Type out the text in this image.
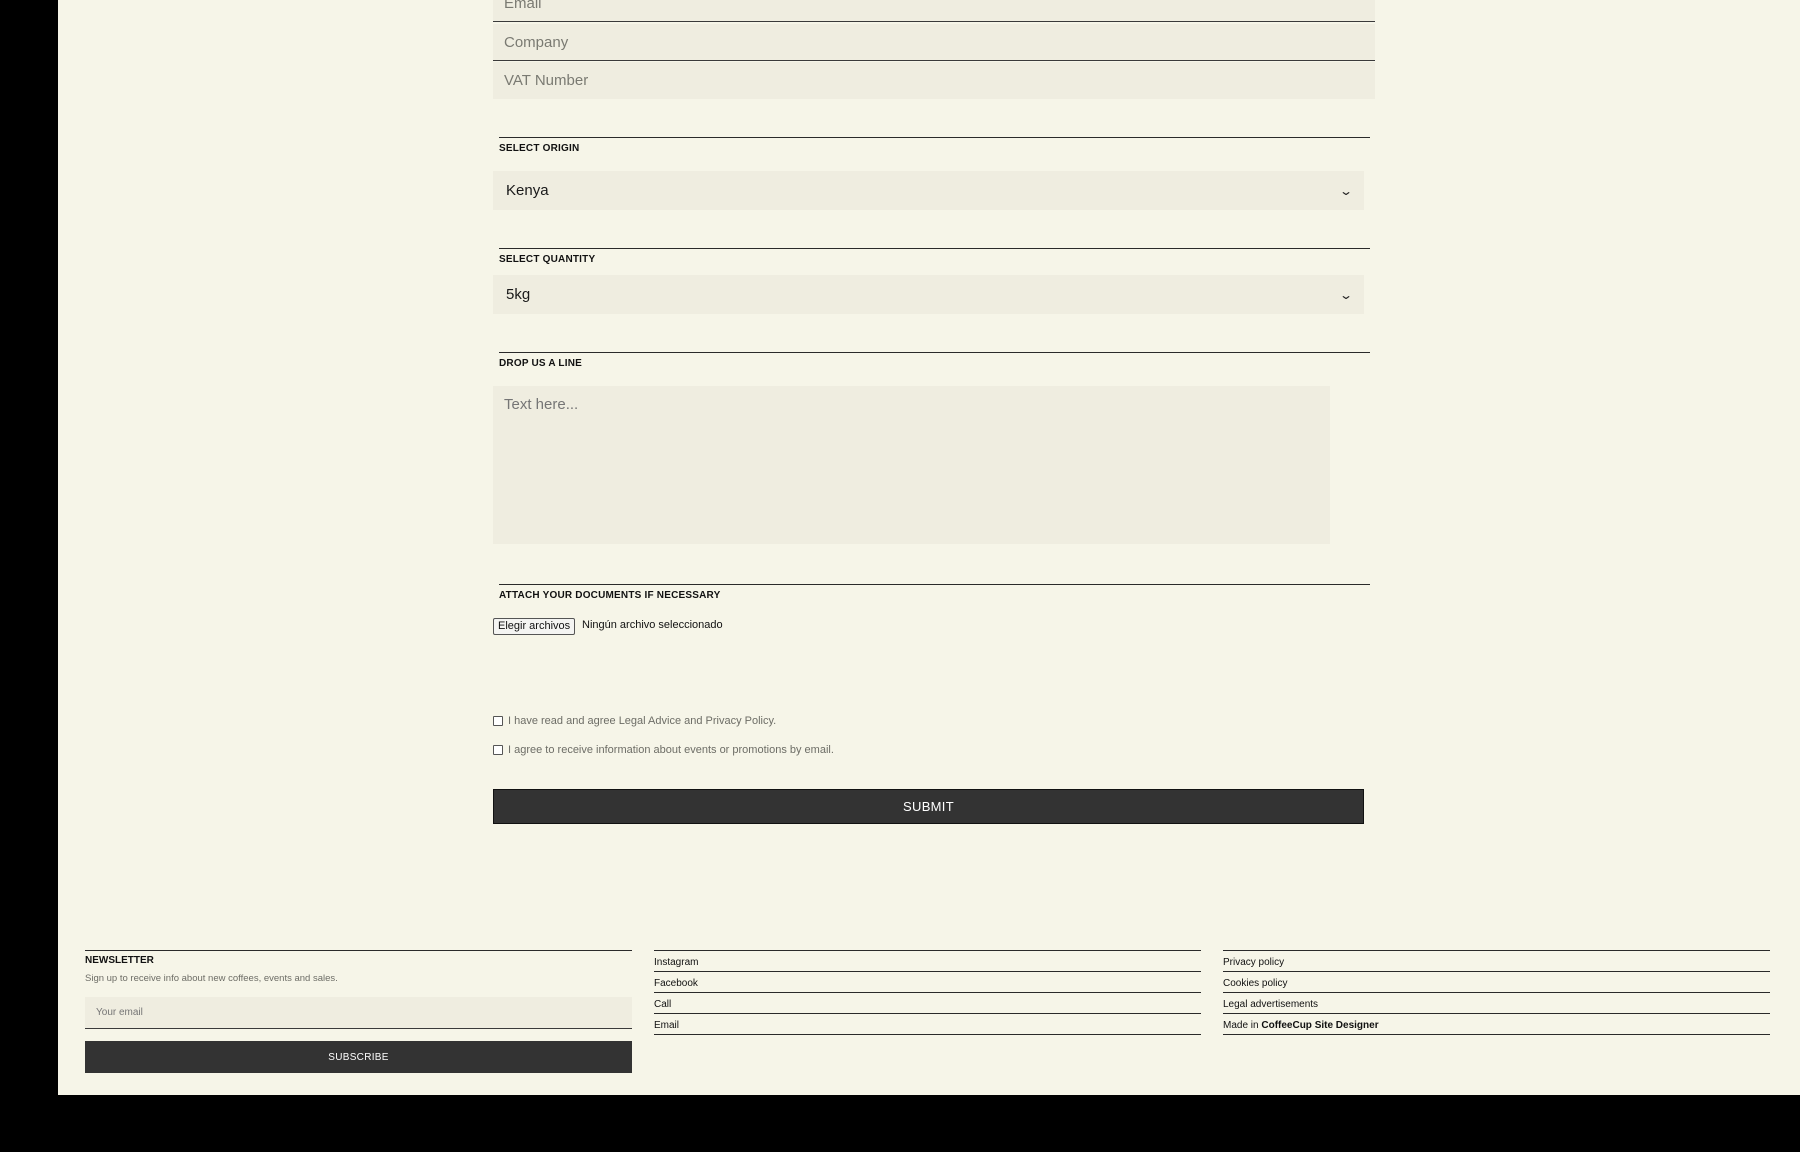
Email
Company
VAT Number
SELECT ORIGIN
Kenya	⌄
SELECT QUANTITY
5kg	⌄
DROP US A LINE
Text here...
ATTACH YOUR DOCUMENTS IF NECESSARY
Elegir archivos	Ningún archivo seleccionado
I have read and agree Legal Advice and Privacy Policy.
I agree to receive information about events or promotions by email.
SUBMIT
NEWSLETTER
Sign up to receive info about new coffees, events and sales.
Your email
SUBSCRIBE
Instagram
Facebook
Call
Email
Privacy policy
Cookies policy
Legal advertisements
Made in CoffeeCup Site Designer
